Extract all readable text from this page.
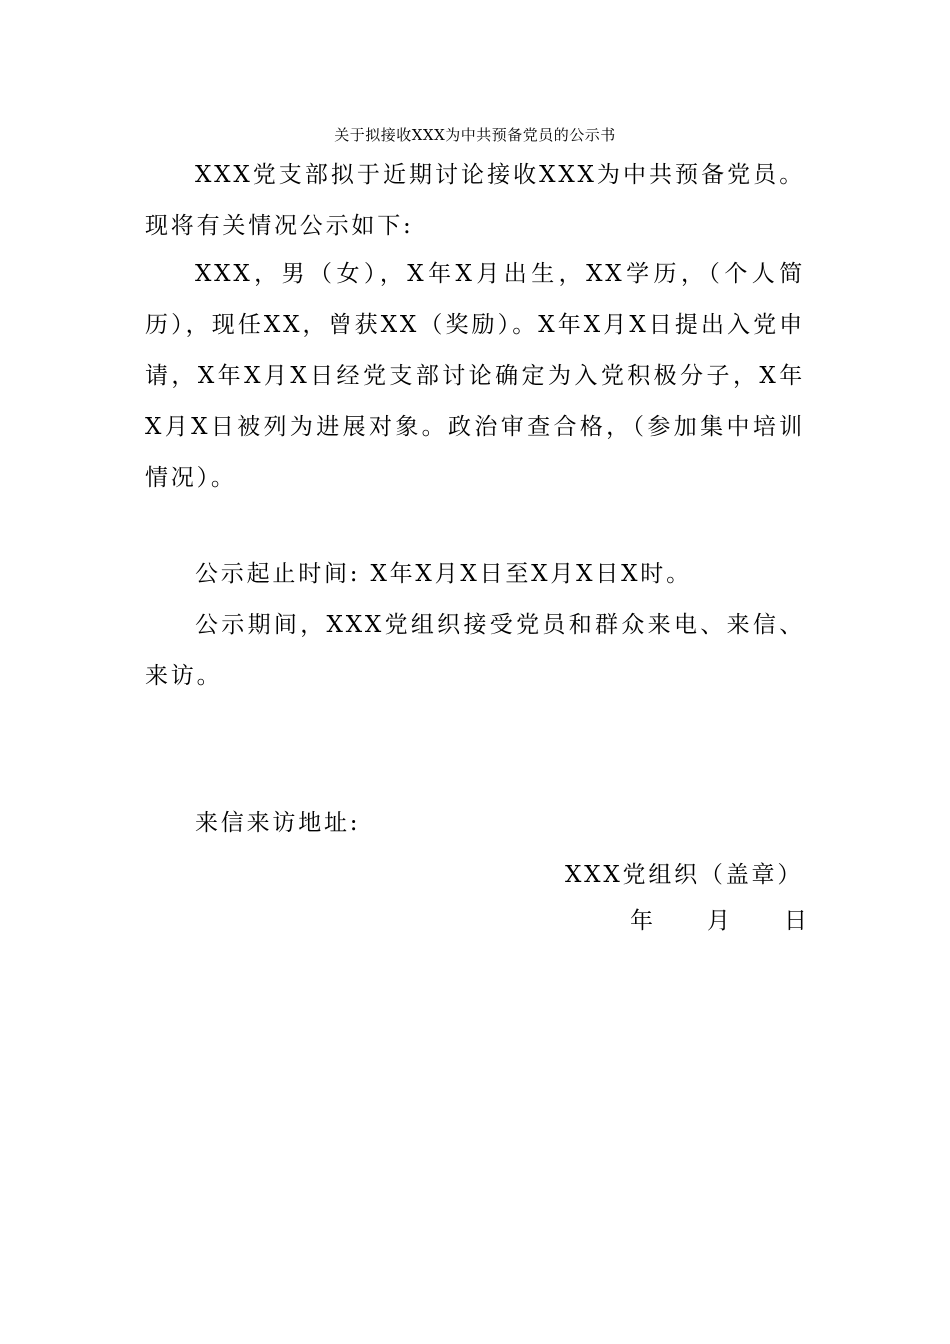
关于拟接收XXX为中共预备党员的公示书

XXX党支部拟于近期讨论接收XXX为中共预备党员。现将有关情况公示如下:

XXX，男（女），X年X月出生，XX学历，（个人简历），现任XX，曾获XX（奖励）。X年X月X日提出入党申请，X年X月X日经党支部讨论确定为入党积极分子，X年X月X日被列为进展对象。政治审查合格，（参加集中培训情况）。

公示起止时间: X年X月X日至X月X日X时。

公示期间，XXX党组织接受党员和群众来电、来信、来访。

来信来访地址:

XXX党组织（盖章）
年 月 日
